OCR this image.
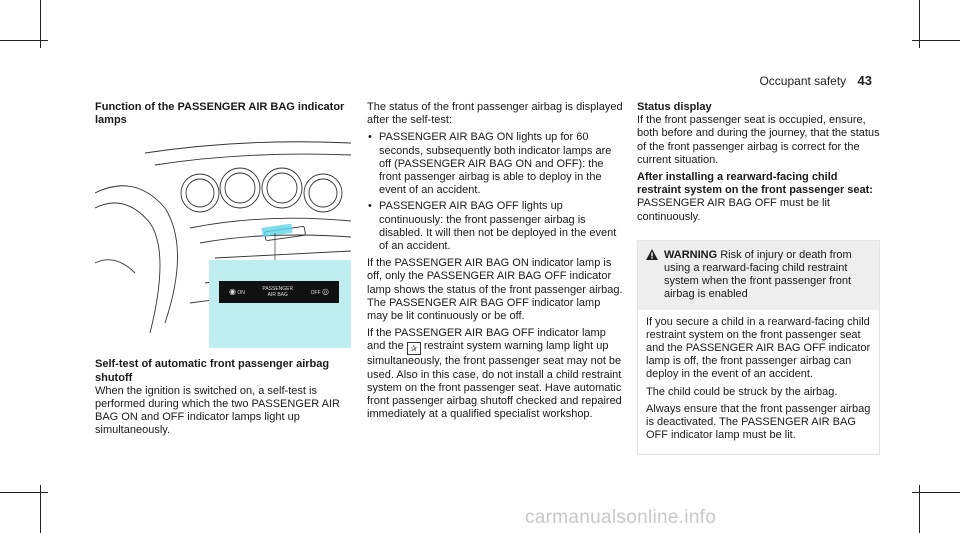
Occupant safety 43

Function of the PASSENGER AIR BAG indicator lamps

◉ ON
PASSENGER
AIR BAG	OFF ◎

Self-test of automatic front passenger airbag shutoff

When the ignition is switched on, a self-test is performed during which the two PASSENGER AIR BAG ON and OFF indicator lamps light up simultaneously.

The status of the front passenger airbag is displayed after the self-test:

• PASSENGER AIR BAG ON lights up for 60 seconds, subsequently both indicator lamps are off (PASSENGER AIR BAG ON and OFF): the front passenger airbag is able to deploy in the event of an accident.
• PASSENGER AIR BAG OFF lights up continuously: the front passenger airbag is disabled. It will then not be deployed in the event of an accident.

If the PASSENGER AIR BAG ON indicator lamp is off, only the PASSENGER AIR BAG OFF indicator lamp shows the status of the front passenger airbag. The PASSENGER AIR BAG OFF indicator lamp may be lit continuously or be off.

If the PASSENGER AIR BAG OFF indicator lamp and the ✰ restraint system warning lamp light up simultaneously, the front passenger seat may not be used. Also in this case, do not install a child restraint system on the front passenger seat. Have automatic front passenger airbag shutoff checked and repaired immediately at a qualified specialist workshop.

Status display

If the front passenger seat is occupied, ensure, both before and during the journey, that the status of the front passenger airbag is correct for the current situation.

After installing a rearward-facing child restraint system on the front passenger seat: PASSENGER AIR BAG OFF must be lit continuously.

WARNING Risk of injury or death from using a rearward-facing child restraint system when the front passenger front airbag is enabled

If you secure a child in a rearward-facing child restraint system on the front passenger seat and the PASSENGER AIR BAG OFF indicator lamp is off, the front passenger airbag can deploy in the event of an accident.

The child could be struck by the airbag.

Always ensure that the front passenger airbag is deactivated. The PASSENGER AIR BAG OFF indicator lamp must be lit.

carmanualsonline.info
